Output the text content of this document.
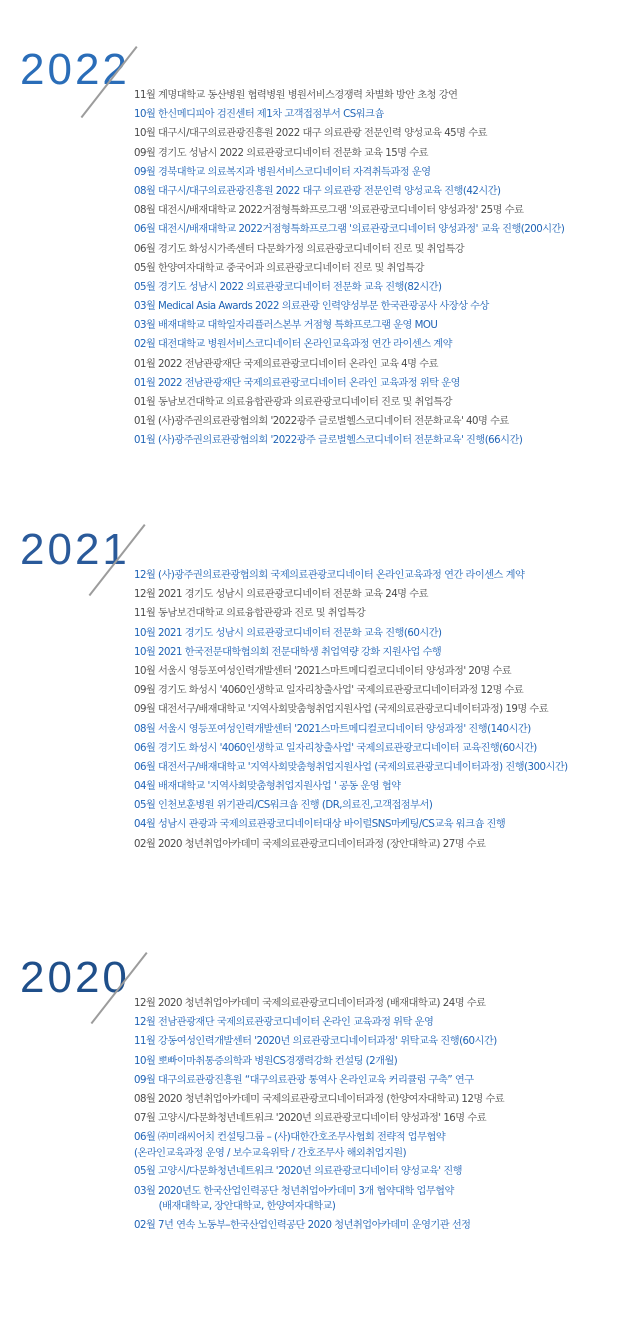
2022
11월 계명대학교 동산병원 협력병원 병원서비스경쟁력 차별화 방안 초청 강연
10월 한신메디피아 검진센터 제1차 고객접점부서 CS워크숍
10월 대구시/대구의료관광진흥원 2022 대구 의료관광 전문인력 양성교육 45명 수료
09월 경기도 성남시 2022 의료관광코디네이터 전문화 교육 15명 수료
09월 경북대학교 의료복지과 병원서비스코디네이터 자격취득과정 운영
08월 대구시/대구의료관광진흥원 2022 대구 의료관광 전문인력 양성교육 진행(42시간)
08월 대전시/배재대학교 2022거점형특화프로그램 '의료관광코디네이터 양성과정' 25명 수료
06월 대전시/배재대학교 2022거점형특화프로그램 '의료관광코디네이터 양성과정' 교육 진행(200시간)
06월 경기도 화성시가족센터 다문화가정 의료관광코디네이터 진로 및 취업특강
05월 한양여자대학교 중국어과 의료관광코디네이터 진로 및 취업특강
05월 경기도 성남시 2022 의료관광코디네이터 전문화 교육 진행(82시간)
03월 Medical Asia Awards 2022 의료관광 인력양성부문 한국관광공사 사장상 수상
03월 배재대학교 대학일자리플러스본부 거점형 특화프로그램 운영 MOU
02월 대전대학교 병원서비스코디네이터 온라인교육과정 연간 라이센스 계약
01월 2022 전남관광재단 국제의료관광코디네이터 온라인 교육 4명 수료
01월 2022 전남관광재단 국제의료관광코디네이터 온라인 교육과정 위탁 운영
01월 동남보건대학교 의료융합관광과 의료관광코디네이터 진로 및 취업특강
01월 (사)광주권의료관광협의회 '2022광주 글로벌헬스코디네이터 전문화교육' 40명 수료
01월 (사)광주권의료관광협의회 '2022광주 글로벌헬스코디네이터 전문화교육' 진행(66시간)
2021
12월 (사)광주권의료관광협의회 국제의료관광코디네이터 온라인교육과정 연간 라이센스 계약
12월 2021 경기도 성남시 의료관광코디네이터 전문화 교육 24명 수료
11월 동남보건대학교 의료융합관광과 진로 및 취업특강
10월 2021 경기도 성남시 의료관광코디네이터 전문화 교육 진행(60시간)
10월 2021 한국전문대학협의회 전문대학생 취업역량 강화 지원사업 수행
10월 서울시 영등포여성인력개발센터 '2021스마트메디컬코디네이터 양성과정' 20명 수료
09월 경기도 화성시 '4060인생학교 일자리창출사업' 국제의료관광코디네이터과정 12명 수료
09월 대전서구/배재대학교 '지역사회맞춤형취업지원사업 (국제의료관광코디네이터과정) 19명 수료
08월 서울시 영등포여성인력개발센터 '2021스마트메디컬코디네이터 양성과정' 진행(140시간)
06월 경기도 화성시 '4060인생학교 일자리창출사업' 국제의료관광코디네이터 교육진행(60시간)
06월 대전서구/배재대학교 '지역사회맞춤형취업지원사업 (국제의료관광코디네이터과정) 진행(300시간)
04월 배재대학교 '지역사회맞춤형취업지원사업 ' 공동 운영 협약
05월 인천보훈병원 위기관리/CS워크숍 진행 (DR,의료진,고객접점부서)
04월 성남시 관광과 국제의료관광코디네이터대상 바이럴SNS마케팅/CS교육 워크숍 진행
02월 2020 청년취업아카데미 국제의료관광코디네이터과정 (장안대학교) 27명 수료
2020
12월 2020 청년취업아카데미 국제의료관광코디네이터과정 (배재대학교) 24명 수료
12월 전남관광재단 국제의료관광코디네이터 온라인 교육과정 위탁 운영
11월 강동여성인력개발센터 '2020년 의료관광코디네이터과정' 위탁교육 진행(60시간)
10월 뽀빠이마취통증의학과 병원CS경쟁력강화 컨설팅 (2개월)
09월 대구의료관광진흥원 “대구의료관광 통역사 온라인교육 커리큘럼 구축” 연구
08월 2020 청년취업아카데미 국제의료관광코디네이터과정 (한양여자대학교) 12명 수료
07월 고양시/다문화청년네트워크 '2020년 의료관광코디네이터 양성과정' 16명 수료
06월 ㈜미래씨어치 컨설팅그룹 – (사)대한간호조무사협회 전략적 업무협약
(온라인교육과정 운영 / 보수교육위탁 / 간호조무사 해외취업지원)
05월 고양시/다문화청년네트워크 '2020년 의료관광코디네이터 양성교육' 진행
03월 2020년도 한국산업인력공단 청년취업아카데미 3개 협약대학 업무협약
(배재대학교, 장안대학교, 한양여자대학교)
02월 7년 연속 노동부–한국산업인력공단 2020 청년취업아카데미 운영기관 선정
